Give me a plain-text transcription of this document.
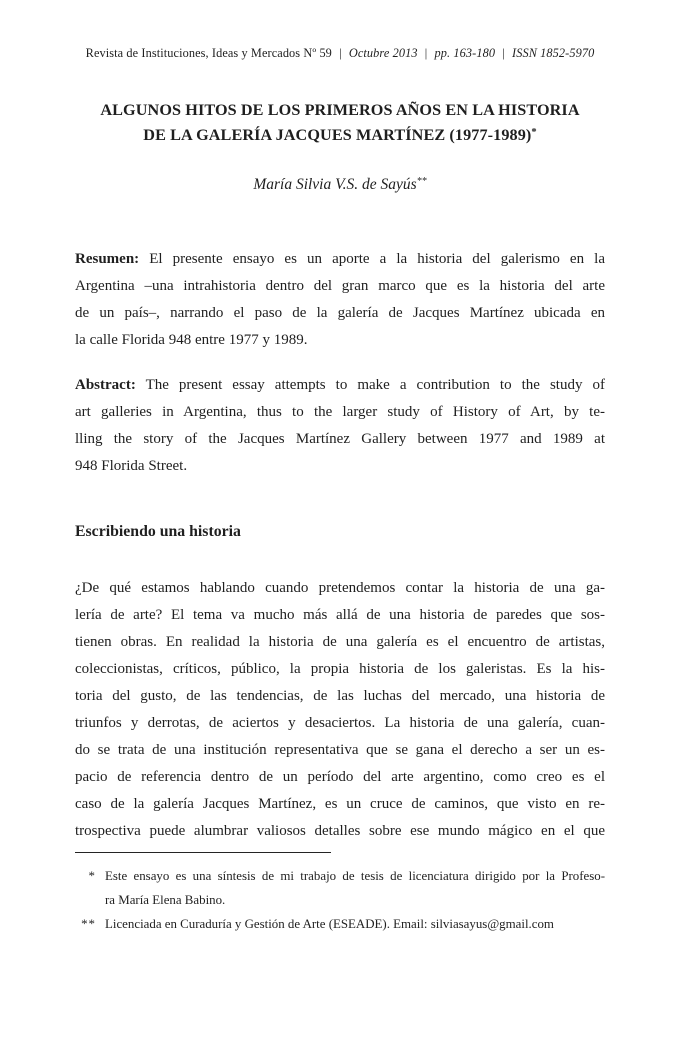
Revista de Instituciones, Ideas y Mercados Nº 59 | Octubre 2013 | pp. 163-180 | ISSN 1852-5970
ALGUNOS HITOS DE LOS PRIMEROS AÑOS EN LA HISTORIA
DE LA GALERÍA JACQUES MARTÍNEZ (1977-1989)*
María Silvia V.S. de Sayús**
Resumen: El presente ensayo es un aporte a la historia del galerismo en la
Argentina –una intrahistoria dentro del gran marco que es la historia del arte
de un país–, narrando el paso de la galería de Jacques Martínez ubicada en
la calle Florida 948 entre 1977 y 1989.
Abstract: The present essay attempts to make a contribution to the study of
art galleries in Argentina, thus to the larger study of History of Art, by te-
lling the story of the Jacques Martínez Gallery between 1977 and 1989 at
948 Florida Street.
Escribiendo una historia
¿De qué estamos hablando cuando pretendemos contar la historia de una ga-
lería de arte? El tema va mucho más allá de una historia de paredes que sos-
tienen obras. En realidad la historia de una galería es el encuentro de artistas,
coleccionistas, críticos, público, la propia historia de los galeristas. Es la his-
toria del gusto, de las tendencias, de las luchas del mercado, una historia de
triunfos y derrotas, de aciertos y desaciertos. La historia de una galería, cuan-
do se trata de una institución representativa que se gana el derecho a ser un es-
pacio de referencia dentro de un período del arte argentino, como creo es el
caso de la galería Jacques Martínez, es un cruce de caminos, que visto en re-
trospectiva puede alumbrar valiosos detalles sobre ese mundo mágico en el que
* Este ensayo es una síntesis de mi trabajo de tesis de licenciatura dirigido por la Profeso-
ra María Elena Babino.
** Licenciada en Curaduría y Gestión de Arte (ESEADE). Email: silviasayus@gmail.com
